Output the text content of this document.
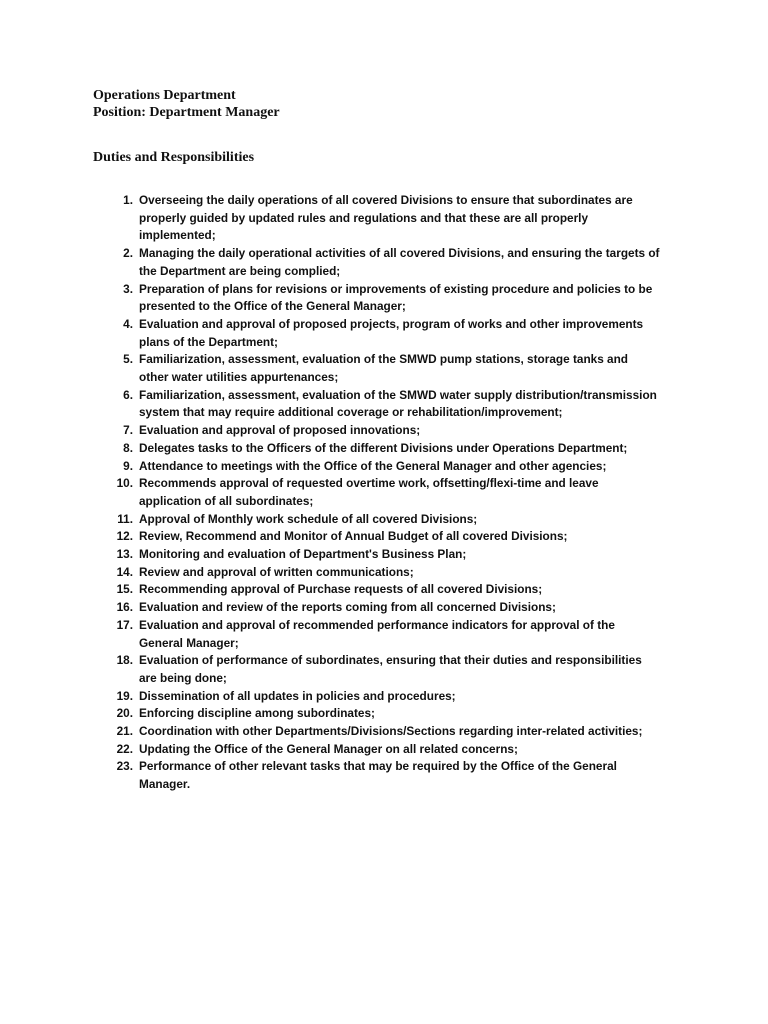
Operations Department
Position: Department Manager
Duties and Responsibilities
1. Overseeing the daily operations of all covered Divisions to ensure that subordinates are
properly guided by updated rules and regulations and that these are all properly
implemented;
2. Managing the daily operational activities of all covered Divisions, and ensuring the targets of
the Department are being complied;
3. Preparation of plans for revisions or improvements of existing procedure and policies to be
presented to the Office of the General Manager;
4. Evaluation and approval of proposed projects, program of works and other improvements
plans of the Department;
5. Familiarization, assessment, evaluation of the SMWD pump stations, storage tanks and
other water utilities appurtenances;
6. Familiarization, assessment, evaluation of the SMWD water supply distribution/transmission
system that may require additional coverage or rehabilitation/improvement;
7. Evaluation and approval of proposed innovations;
8. Delegates tasks to the Officers of the different Divisions under Operations Department;
9. Attendance to meetings with the Office of the General Manager and other agencies;
10. Recommends approval of requested overtime work, offsetting/flexi-time and leave
application of all subordinates;
11. Approval of Monthly work schedule of all covered Divisions;
12. Review, Recommend and Monitor of Annual Budget of all covered Divisions;
13. Monitoring and evaluation of Department's Business Plan;
14. Review and approval of written communications;
15. Recommending approval of Purchase requests of all covered Divisions;
16. Evaluation and review of the reports coming from all concerned Divisions;
17. Evaluation and approval of recommended performance indicators for approval of the
General Manager;
18. Evaluation of performance of subordinates, ensuring that their duties and responsibilities
are being done;
19. Dissemination of all updates in policies and procedures;
20. Enforcing discipline among subordinates;
21. Coordination with other Departments/Divisions/Sections regarding inter-related activities;
22. Updating the Office of the General Manager on all related concerns;
23. Performance of other relevant tasks that may be required by the Office of the General
Manager.
